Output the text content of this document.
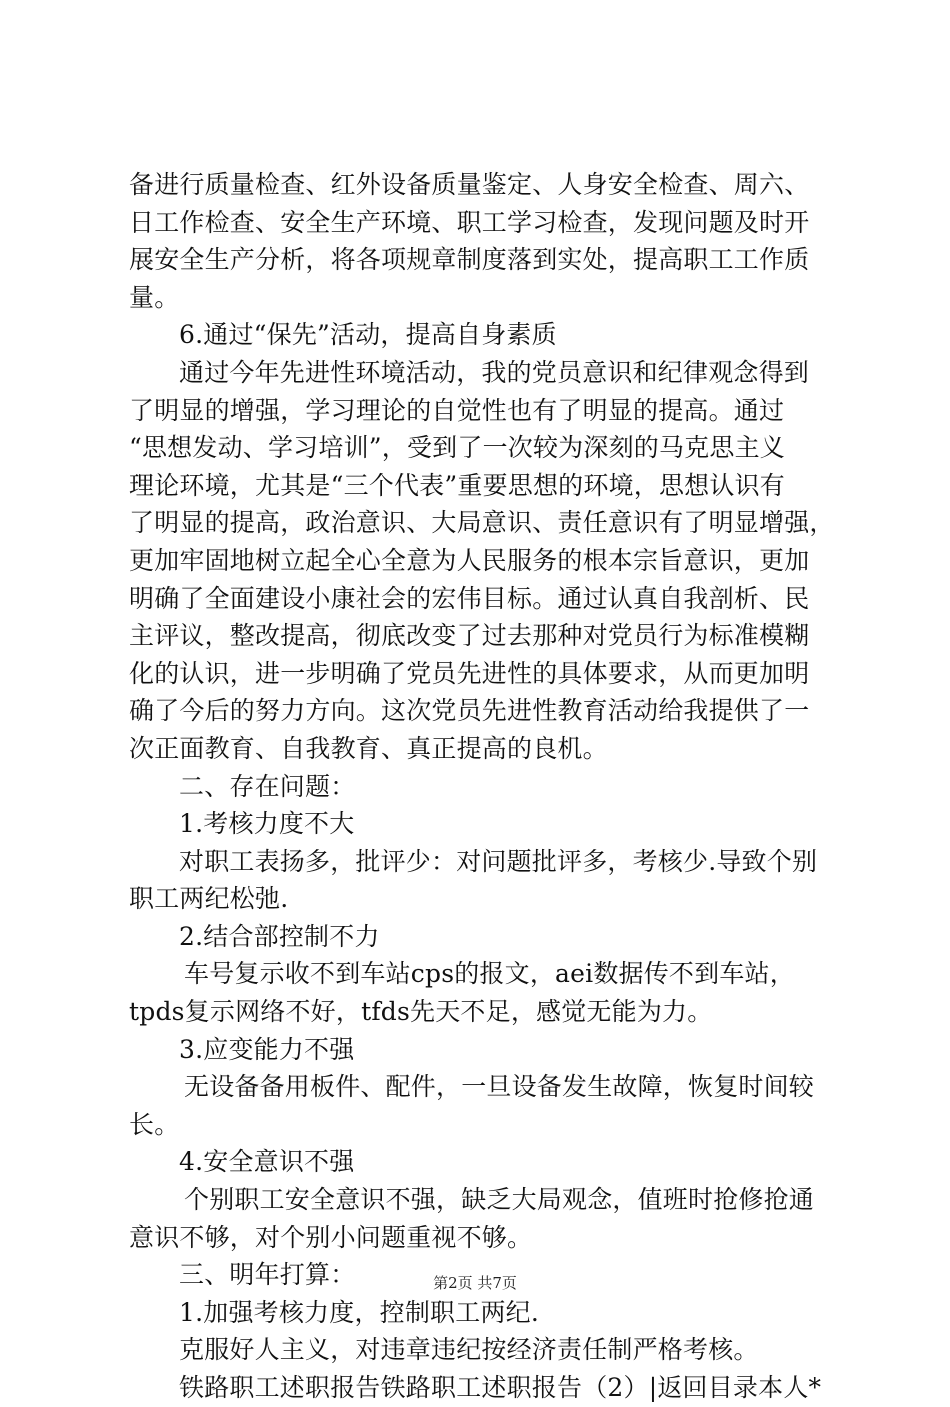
备进行质量检查、红外设备质量鉴定、人身安全检查、周六、
日工作检查、安全生产环境、职工学习检查，发现问题及时开
展安全生产分析，将各项规章制度落到实处，提高职工工作质
量。
6.通过“保先”活动，提高自身素质
通过今年先进性环境活动，我的党员意识和纪律观念得到
了明显的增强，学习理论的自觉性也有了明显的提高。通过
“思想发动、学习培训”，受到了一次较为深刻的马克思主义
理论环境，尤其是“三个代表”重要思想的环境，思想认识有
了明显的提高，政治意识、大局意识、责任意识有了明显增强，
更加牢固地树立起全心全意为人民服务的根本宗旨意识，更加
明确了全面建设小康社会的宏伟目标。通过认真自我剖析、民
主评议，整改提高，彻底改变了过去那种对党员行为标准模糊
化的认识，进一步明确了党员先进性的具体要求，从而更加明
确了今后的努力方向。这次党员先进性教育活动给我提供了一
次正面教育、自我教育、真正提高的良机。
二、存在问题：
1.考核力度不大
对职工表扬多，批评少：对问题批评多，考核少.导致个别
职工两纪松弛.
2.结合部控制不力
车号复示收不到车站cps的报文，aei数据传不到车站，
tpds复示网络不好，tfds先天不足，感觉无能为力。
3.应变能力不强
无设备备用板件、配件，一旦设备发生故障，恢复时间较
长。
4.安全意识不强
个别职工安全意识不强，缺乏大局观念，值班时抢修抢通
意识不够，对个别小问题重视不够。
三、明年打算：
1.加强考核力度，控制职工两纪.
克服好人主义，对违章违纪按经济责任制严格考核。
铁路职工述职报告铁路职工述职报告（2）|返回目录本人*
第2页 共7页
